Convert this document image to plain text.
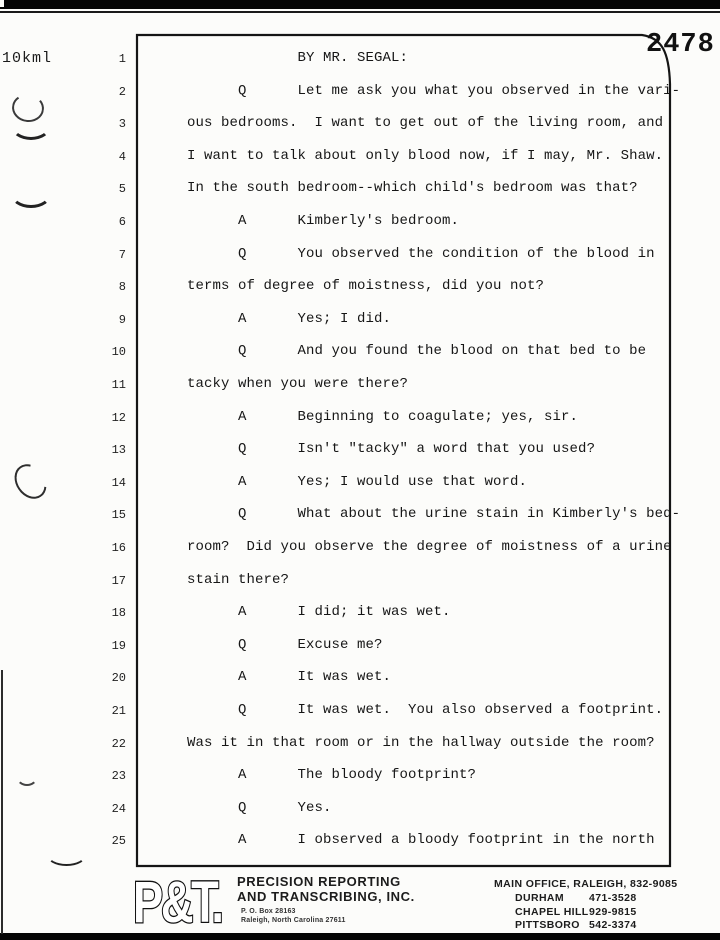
10kml	2478
1	BY MR. SEGAL:
2	Q      Let me ask you what you observed in the vari-
3	ous bedrooms.  I want to get out of the living room, and
4	I want to talk about only blood now, if I may, Mr. Shaw.
5	In the south bedroom--which child's bedroom was that?
6	A      Kimberly's bedroom.
7	Q      You observed the condition of the blood in
8	terms of degree of moistness, did you not?
9	A      Yes; I did.
10	Q      And you found the blood on that bed to be
11	tacky when you were there?
12	A      Beginning to coagulate; yes, sir.
13	Q      Isn't "tacky" a word that you used?
14	A      Yes; I would use that word.
15	Q      What about the urine stain in Kimberly's bed-
16	room?  Did you observe the degree of moistness of a urine
17	stain there?
18	A      I did; it was wet.
19	Q      Excuse me?
20	A      It was wet.
21	Q      It was wet.  You also observed a footprint.
22	Was it in that room or in the hallway outside the room?
23	A      The bloody footprint?
24	Q      Yes.
25	A      I observed a bloody footprint in the north
P&T. PRECISION REPORTING
AND TRANSCRIBING, INC.
P. O. Box 28163
Raleigh, North Carolina 27611
MAIN OFFICE, RALEIGH, 832-9085
DURHAM	471-3528
CHAPEL HILL 929-9815
PITTSBORO 542-3374
